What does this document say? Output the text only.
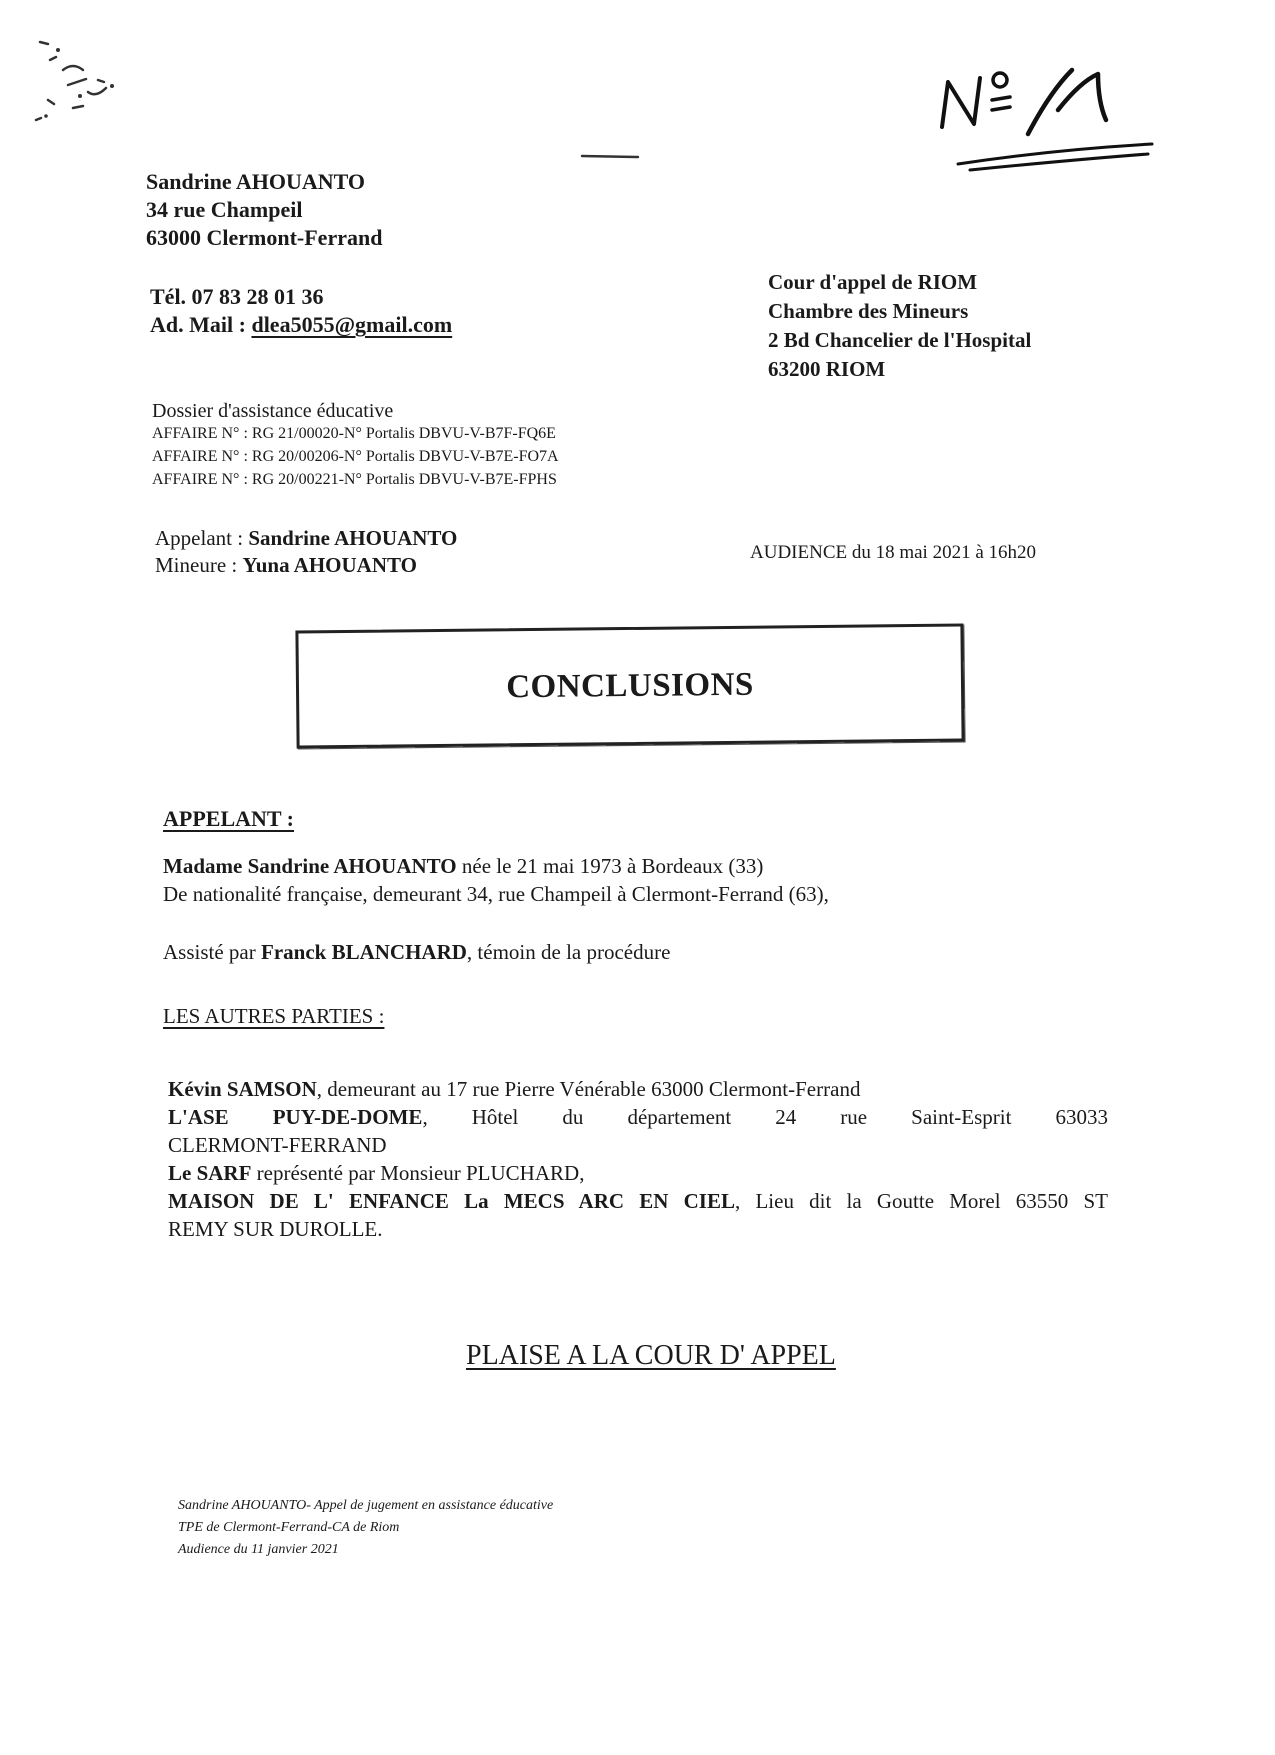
Sandrine AHOUANTO

34 rue Champeil

63000 Clermont-Ferrand

Tél. 07 83 28 01 36

Ad. Mail : dlea5055@gmail.com

Cour d'appel de RIOM

Chambre des Mineurs

2 Bd Chancelier de l'Hospital

63200 RIOM

Dossier d'assistance éducative

AFFAIRE N° : RG 21/00020-N° Portalis DBVU-V-B7F-FQ6E

AFFAIRE N° : RG 20/00206-N° Portalis DBVU-V-B7E-FO7A

AFFAIRE N° : RG 20/00221-N° Portalis DBVU-V-B7E-FPHS

Appelant : Sandrine AHOUANTO

Mineure : Yuna AHOUANTO

AUDIENCE du 18 mai 2021 à 16h20
CONCLUSIONS
APPELANT :

Madame Sandrine AHOUANTO née le 21 mai 1973 à Bordeaux (33)

De nationalité française, demeurant 34, rue Champeil à Clermont-Ferrand (63),

Assisté par Franck BLANCHARD, témoin de la procédure

LES AUTRES PARTIES :

Kévin SAMSON, demeurant au 17 rue Pierre Vénérable 63000 Clermont-Ferrand

L'ASE PUY-DE-DOME, Hôtel du département 24 rue Saint-Esprit 63033

CLERMONT-FERRAND

Le SARF représenté par Monsieur PLUCHARD,

MAISON DE L' ENFANCE La MECS ARC EN CIEL, Lieu dit la Goutte Morel 63550 ST

REMY SUR DUROLLE.

PLAISE A LA COUR D' APPEL

Sandrine AHOUANTO- Appel de jugement en assistance éducative

TPE de Clermont-Ferrand-CA de Riom

Audience du 11 janvier 2021
